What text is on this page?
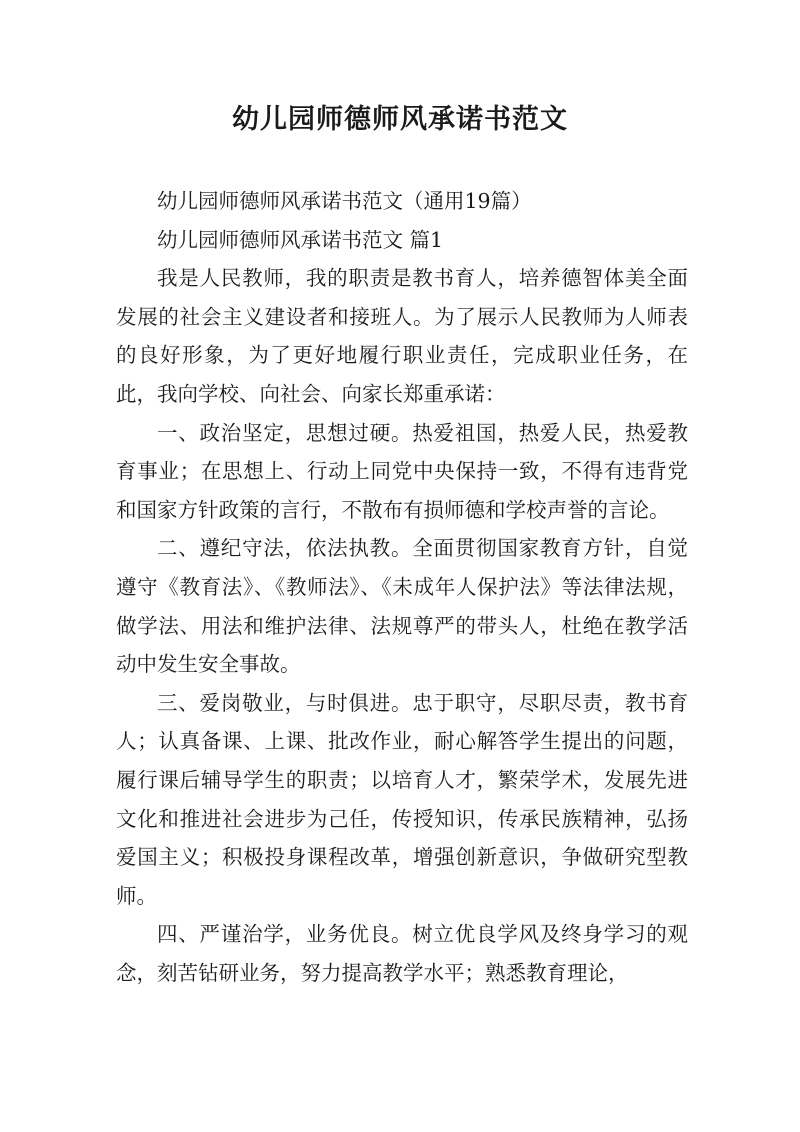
幼儿园师德师风承诺书范文

幼儿园师德师风承诺书范文（通用19篇）

幼儿园师德师风承诺书范文 篇1

我是人民教师，我的职责是教书育人，培养德智体美全面发展的社会主义建设者和接班人。为了展示人民教师为人师表的良好形象，为了更好地履行职业责任，完成职业任务，在此，我向学校、向社会、向家长郑重承诺：

一、政治坚定，思想过硬。热爱祖国，热爱人民，热爱教育事业；在思想上、行动上同党中央保持一致，不得有违背党和国家方针政策的言行，不散布有损师德和学校声誉的言论。

二、遵纪守法，依法执教。全面贯彻国家教育方针，自觉遵守《教育法》、《教师法》、《未成年人保护法》等法律法规，做学法、用法和维护法律、法规尊严的带头人，杜绝在教学活动中发生安全事故。

三、爱岗敬业，与时俱进。忠于职守，尽职尽责，教书育人；认真备课、上课、批改作业，耐心解答学生提出的问题，履行课后辅导学生的职责；以培育人才，繁荣学术，发展先进文化和推进社会进步为己任，传授知识，传承民族精神，弘扬爱国主义；积极投身课程改革，增强创新意识，争做研究型教师。

四、严谨治学，业务优良。树立优良学风及终身学习的观念，刻苦钻研业务，努力提高教学水平；熟悉教育理论，
